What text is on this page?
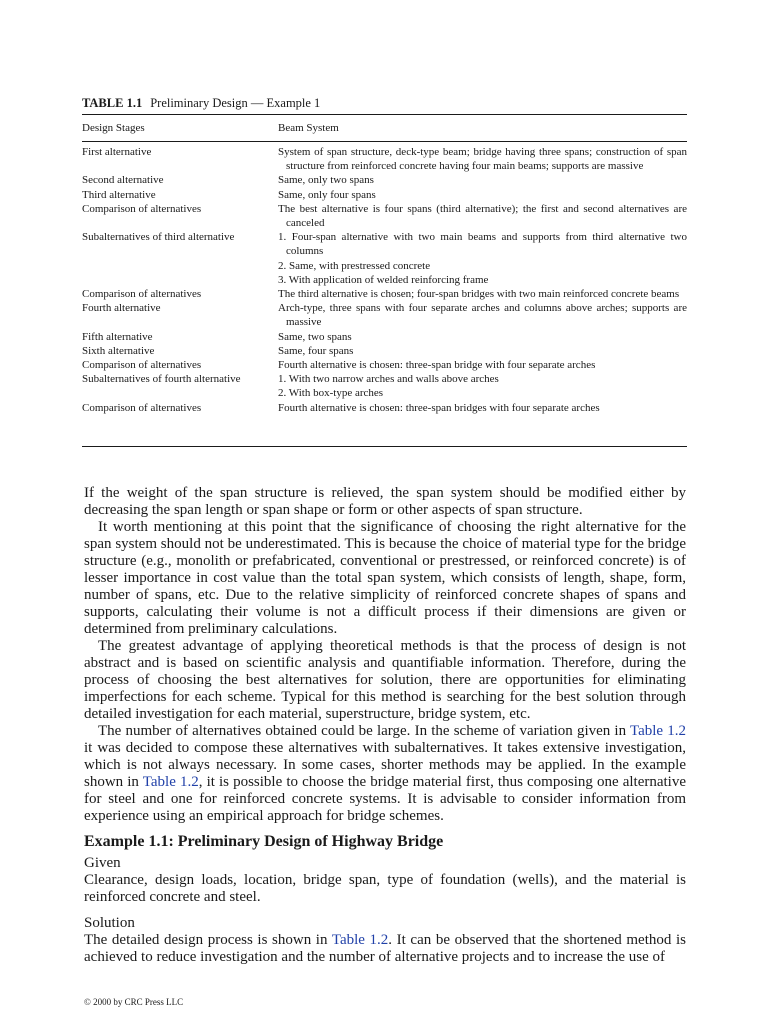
TABLE 1.1 Preliminary Design — Example 1
Design Stages	Beam System
First alternative	System of span structure, deck-type beam; bridge having three spans; construction of span structure from reinforced concrete having four main beams; supports are massive
Second alternative	Same, only two spans
Third alternative	Same, only four spans
Comparison of alternatives	The best alternative is four spans (third alternative); the first and second alternatives are canceled
Subalternatives of third alternative	1. Four-span alternative with two main beams and supports from third alternative two columns
2. Same, with prestressed concrete
3. With application of welded reinforcing frame
Comparison of alternatives	The third alternative is chosen; four-span bridges with two main reinforced concrete beams
Fourth alternative	Arch-type, three spans with four separate arches and columns above arches; supports are massive
Fifth alternative	Same, two spans
Sixth alternative	Same, four spans
Comparison of alternatives	Fourth alternative is chosen: three-span bridge with four separate arches
Subalternatives of fourth alternative	1. With two narrow arches and walls above arches
2. With box-type arches
Comparison of alternatives	Fourth alternative is chosen: three-span bridges with four separate arches

If the weight of the span structure is relieved, the span system should be modified either by decreasing the span length or span shape or form or other aspects of span structure.

It worth mentioning at this point that the significance of choosing the right alternative for the span system should not be underestimated. This is because the choice of material type for the bridge structure (e.g., monolith or prefabricated, conventional or prestressed, or reinforced concrete) is of lesser importance in cost value than the total span system, which consists of length, shape, form, number of spans, etc. Due to the relative simplicity of reinforced concrete shapes of spans and supports, calculating their volume is not a difficult process if their dimensions are given or determined from preliminary calculations.

The greatest advantage of applying theoretical methods is that the process of design is not abstract and is based on scientific analysis and quantifiable information. Therefore, during the process of choosing the best alternatives for solution, there are opportunities for eliminating imperfections for each scheme. Typical for this method is searching for the best solution through detailed investigation for each material, superstructure, bridge system, etc.

The number of alternatives obtained could be large. In the scheme of variation given in Table 1.2 it was decided to compose these alternatives with subalternatives. It takes extensive investigation, which is not always necessary. In some cases, shorter methods may be applied. In the example shown in Table 1.2, it is possible to choose the bridge material first, thus composing one alternative for steel and one for reinforced concrete systems. It is advisable to consider information from experience using an empirical approach for bridge schemes.

Example 1.1: Preliminary Design of Highway Bridge

Given

Clearance, design loads, location, bridge span, type of foundation (wells), and the material is reinforced concrete and steel.

Solution

The detailed design process is shown in Table 1.2. It can be observed that the shortened method is achieved to reduce investigation and the number of alternative projects and to increase the use of

© 2000 by CRC Press LLC
